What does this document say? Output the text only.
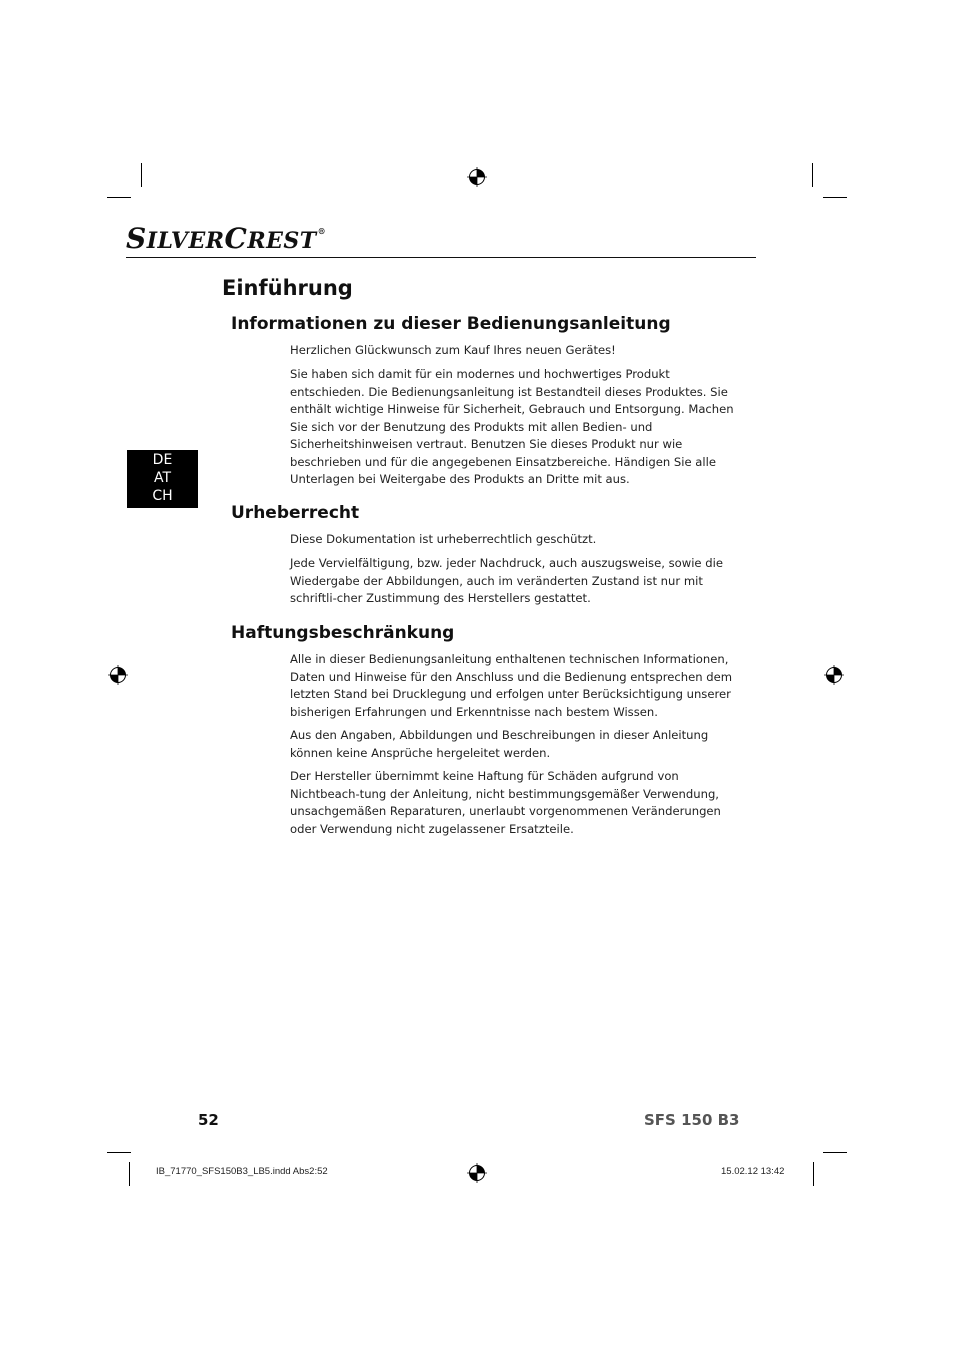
SILVERCREST®
Einführung
DE
AT
CH
Informationen zu dieser Bedienungsanleitung

Herzlichen Glückwunsch zum Kauf Ihres neuen Gerätes!

Sie haben sich damit für ein modernes und hochwertiges Produkt entschieden. Die Bedienungsanleitung ist Bestandteil dieses Produktes. Sie enthält wichtige Hinweise für Sicherheit, Gebrauch und Entsorgung. Machen Sie sich vor der Benutzung des Produkts mit allen Bedien- und Sicherheitshinweisen vertraut. Benutzen Sie dieses Produkt nur wie beschrieben und für die angegebenen Einsatzbereiche. Händigen Sie alle Unterlagen bei Weitergabe des Produkts an Dritte mit aus.

Urheberrecht

Diese Dokumentation ist urheberrechtlich geschützt.

Jede Vervielfältigung, bzw. jeder Nachdruck, auch auszugsweise, sowie die Wiedergabe der Abbildungen, auch im veränderten Zustand ist nur mit schriftli-cher Zustimmung des Herstellers gestattet.

Haftungsbeschränkung

Alle in dieser Bedienungsanleitung enthaltenen technischen Informationen, Daten und Hinweise für den Anschluss und die Bedienung entsprechen dem letzten Stand bei Drucklegung und erfolgen unter Berücksichtigung unserer bisherigen Erfahrungen und Erkenntnisse nach bestem Wissen.

Aus den Angaben, Abbildungen und Beschreibungen in dieser Anleitung können keine Ansprüche hergeleitet werden.

Der Hersteller übernimmt keine Haftung für Schäden aufgrund von Nichtbeach-tung der Anleitung, nicht bestimmungsgemäßer Verwendung, unsachgemäßen Reparaturen, unerlaubt vorgenommenen Veränderungen oder Verwendung nicht zugelassener Ersatzteile.

52	SFS 150 B3
IB_71770_SFS150B3_LB5.indd Abs2:52	15.02.12 13:42
